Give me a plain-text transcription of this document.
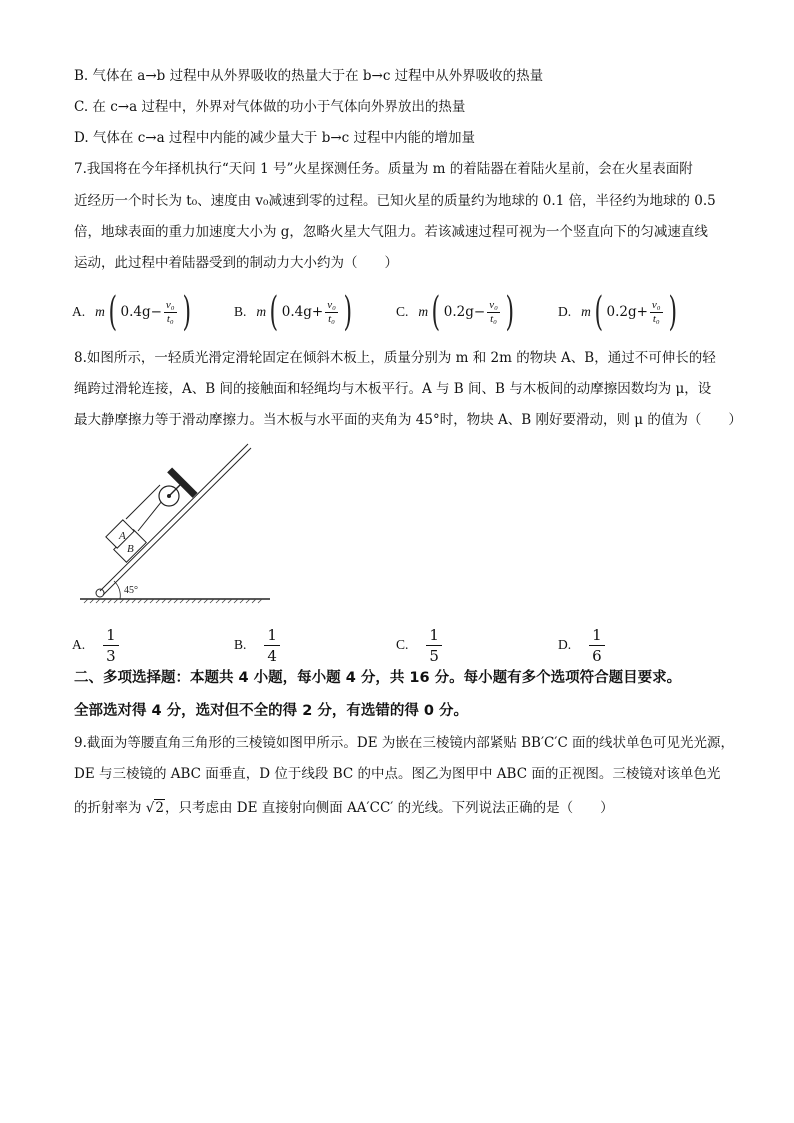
B. 气体在 a→b 过程中从外界吸收的热量大于在 b→c 过程中从外界吸收的热量
C. 在 c→a 过程中，外界对气体做的功小于气体向外界放出的热量
D. 气体在 c→a 过程中内能的减少量大于 b→c 过程中内能的增加量
7.我国将在今年择机执行“天问 1 号”火星探测任务。质量为 m 的着陆器在着陆火星前，会在火星表面附
近经历一个时长为 t₀、速度由 v₀减速到零的过程。已知火星的质量约为地球的 0.1 倍，半径约为地球的 0.5
倍，地球表面的重力加速度大小为 g，忽略火星大气阻力。若该减速过程可视为一个竖直向下的匀减速直线
运动，此过程中着陆器受到的制动力大小约为（　　）
A. m ( $0.4g - \frac{\text{v₀}}{\text{t₀}}$ )	B. m ( $0.4g + \frac{\text{v₀}}{\text{t₀}}$ )	C. m ( $0.2g - \frac{\text{v₀}}{\text{t₀}}$ )	D. m ( $0.2g + \frac{\text{v₀}}{\text{t₀}}$ )
8.如图所示，一轻质光滑定滑轮固定在倾斜木板上，质量分别为 m 和 2m 的物块 A、B，通过不可伸长的轻
绳跨过滑轮连接，A、B 间的接触面和轻绳均与木板平行。A 与 B 间、B 与木板间的动摩擦因数均为 μ，设
最大静摩擦力等于滑动摩擦力。当木板与水平面的夹角为 45°时，物块 A、B 刚好要滑动，则 μ 的值为（　　）
A
B
45°
A. $\frac{1}{3}$	B. $\frac{1}{4}$	C. $\frac{1}{5}$	D. $\frac{1}{6}$
二、多项选择题：本题共 4 小题，每小题 4 分，共 16 分。每小题有多个选项符合题目要求。
全部选对得 4 分，选对但不全的得 2 分，有选错的得 0 分。
9.截面为等腰直角三角形的三棱镜如图甲所示。DE 为嵌在三棱镜内部紧贴 BB′C′C 面的线状单色可见光光源，
DE 与三棱镜的 ABC 面垂直，D 位于线段 BC 的中点。图乙为图甲中 ABC 面的正视图。三棱镜对该单色光
的折射率为 √2，只考虑由 DE 直接射向侧面 AA′CC′ 的光线。下列说法正确的是（　　）
